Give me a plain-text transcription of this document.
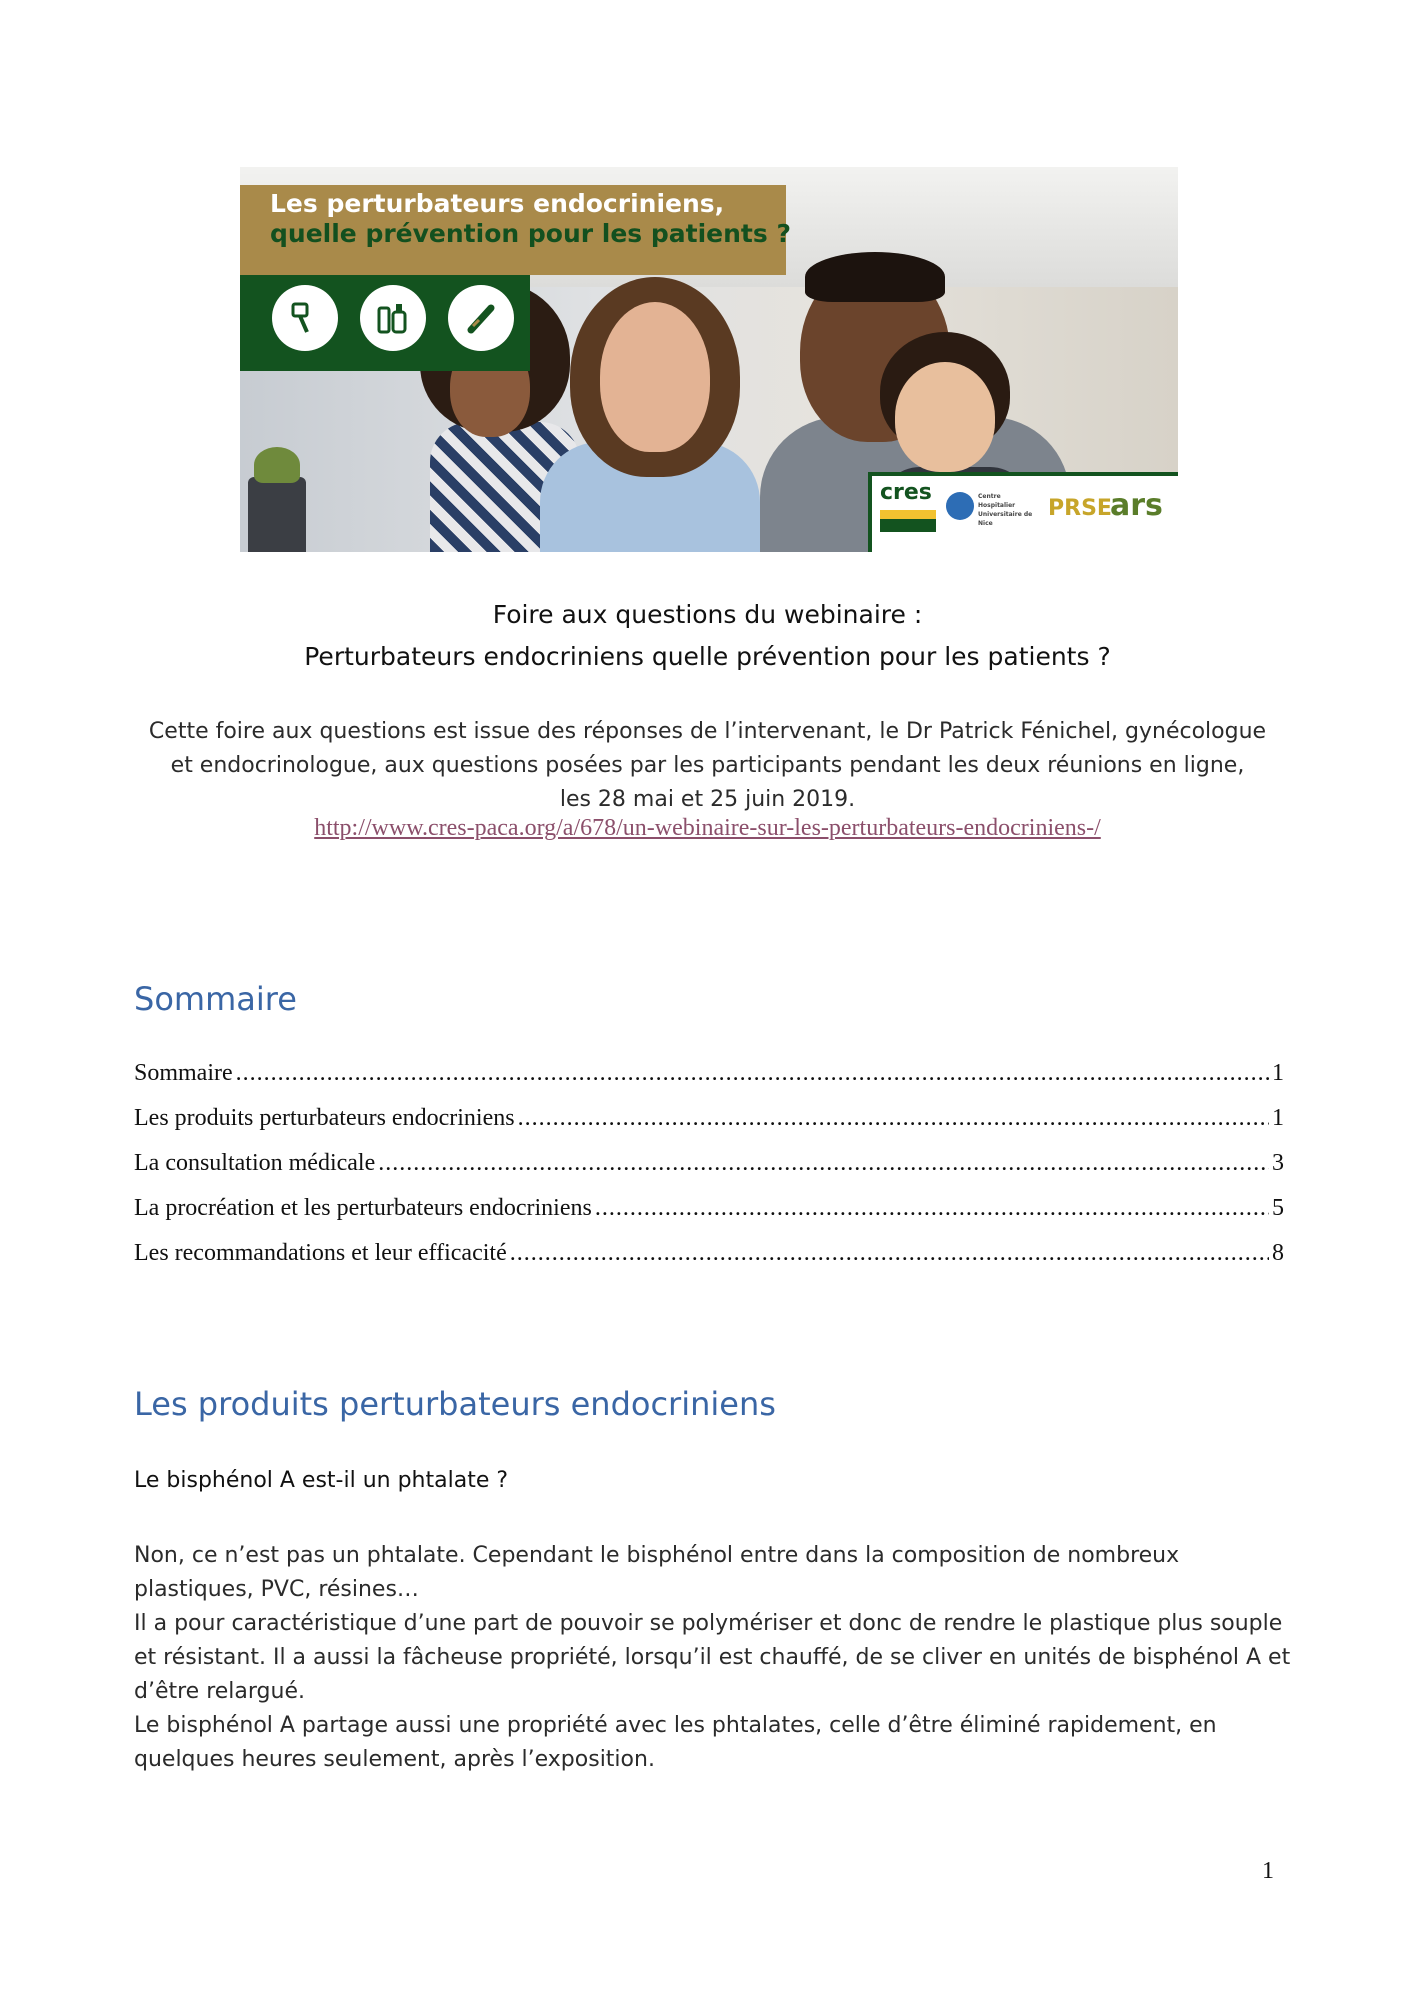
Les perturbateurs endocriniens,
quelle prévention pour les patients ?
cres	Centre Hospitalier Universitaire de Nice
PRSE
ars
Foire aux questions du webinaire :
Perturbateurs endocriniens quelle prévention pour les patients ?
Cette foire aux questions est issue des réponses de l’intervenant, le Dr Patrick Fénichel, gynécologue
et endocrinologue, aux questions posées par les participants pendant les deux réunions en ligne,
les 28 mai et 25 juin 2019.
http://www.cres-paca.org/a/678/un-webinaire-sur-les-perturbateurs-endocriniens-/
Sommaire
Sommaire .....	1
Les produits perturbateurs endocriniens .....	1
La consultation médicale .....	3
La procréation et les perturbateurs endocriniens .....	5
Les recommandations et leur efficacité .....	8
Les produits perturbateurs endocriniens
Le bisphénol A est-il un phtalate ?

Non, ce n’est pas un phtalate. Cependant le bisphénol entre dans la composition de nombreux plastiques, PVC, résines…

Il a pour caractéristique d’une part de pouvoir se polymériser et donc de rendre le plastique plus souple et résistant. Il a aussi la fâcheuse propriété, lorsqu’il est chauffé, de se cliver en unités de bisphénol A et d’être relargué.

Le bisphénol A partage aussi une propriété avec les phtalates, celle d’être éliminé rapidement, en quelques heures seulement, après l’exposition.

1
